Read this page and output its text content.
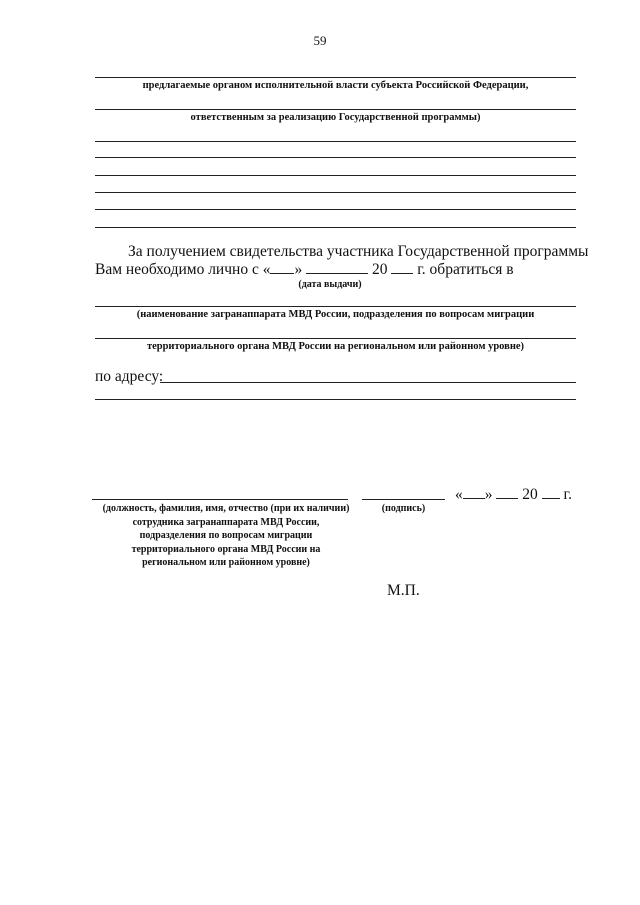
59
предлагаемые органом исполнительной власти субъекта Российской Федерации,
ответственным за реализацию Государственной программы)
За получением свидетельства участника Государственной программы
Вам необходимо лично с « »	20 г. обратиться в
(дата выдачи)
(наименование загранаппарата МВД России, подразделения по вопросам миграции
территориального органа МВД России на региональном или районном уровне)
по адресу:
(должность, фамилия, имя, отчество (при их наличии) сотрудника загранаппарата МВД России, подразделения по вопросам миграции территориального органа МВД России на региональном или районном уровне)
(подпись)
« » 20 г.
М.П.
